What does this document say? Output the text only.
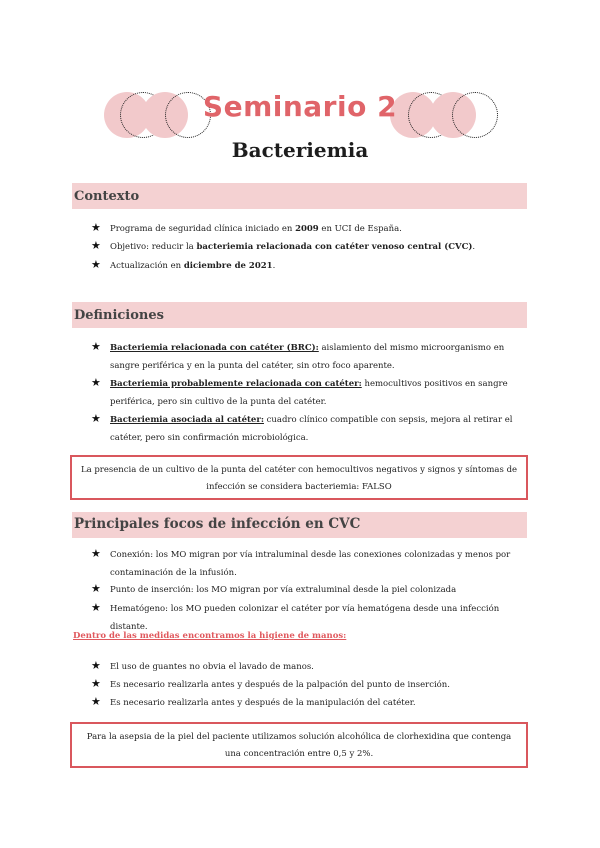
Seminario 2
Bacteriemia
Contexto
★ Programa de seguridad clínica iniciado en 2009 en UCI de España.
★ Objetivo: reducir la bacteriemia relacionada con catéter venoso central (CVC).
★ Actualización en diciembre de 2021.
Definiciones
★ Bacteriemia relacionada con catéter (BRC): aislamiento del mismo microorganismo en sangre periférica y en la punta del catéter, sin otro foco aparente.
★ Bacteriemia probablemente relacionada con catéter: hemocultivos positivos en sangre periférica, pero sin cultivo de la punta del catéter.
★ Bacteriemia asociada al catéter: cuadro clínico compatible con sepsis, mejora al retirar el catéter, pero sin confirmación microbiológica.
La presencia de un cultivo de la punta del catéter con hemocultivos negativos y signos y síntomas de infección se considera bacteriemia: FALSO
Principales focos de infección en CVC
★ Conexión: los MO migran por vía intraluminal desde las conexiones colonizadas y menos por contaminación de la infusión.
★ Punto de inserción: los MO migran por vía extraluminal desde la piel colonizada
★ Hematógeno: los MO pueden colonizar el catéter por vía hematógena desde una infección distante.
Dentro de las medidas encontramos la higiene de manos:
★ El uso de guantes no obvia el lavado de manos.
★ Es necesario realizarla antes y después de la palpación del punto de inserción.
★ Es necesario realizarla antes y después de la manipulación del catéter.
Para la asepsia de la piel del paciente utilizamos solución alcohólica de clorhexidina que contenga una concentración entre 0,5 y 2%.
